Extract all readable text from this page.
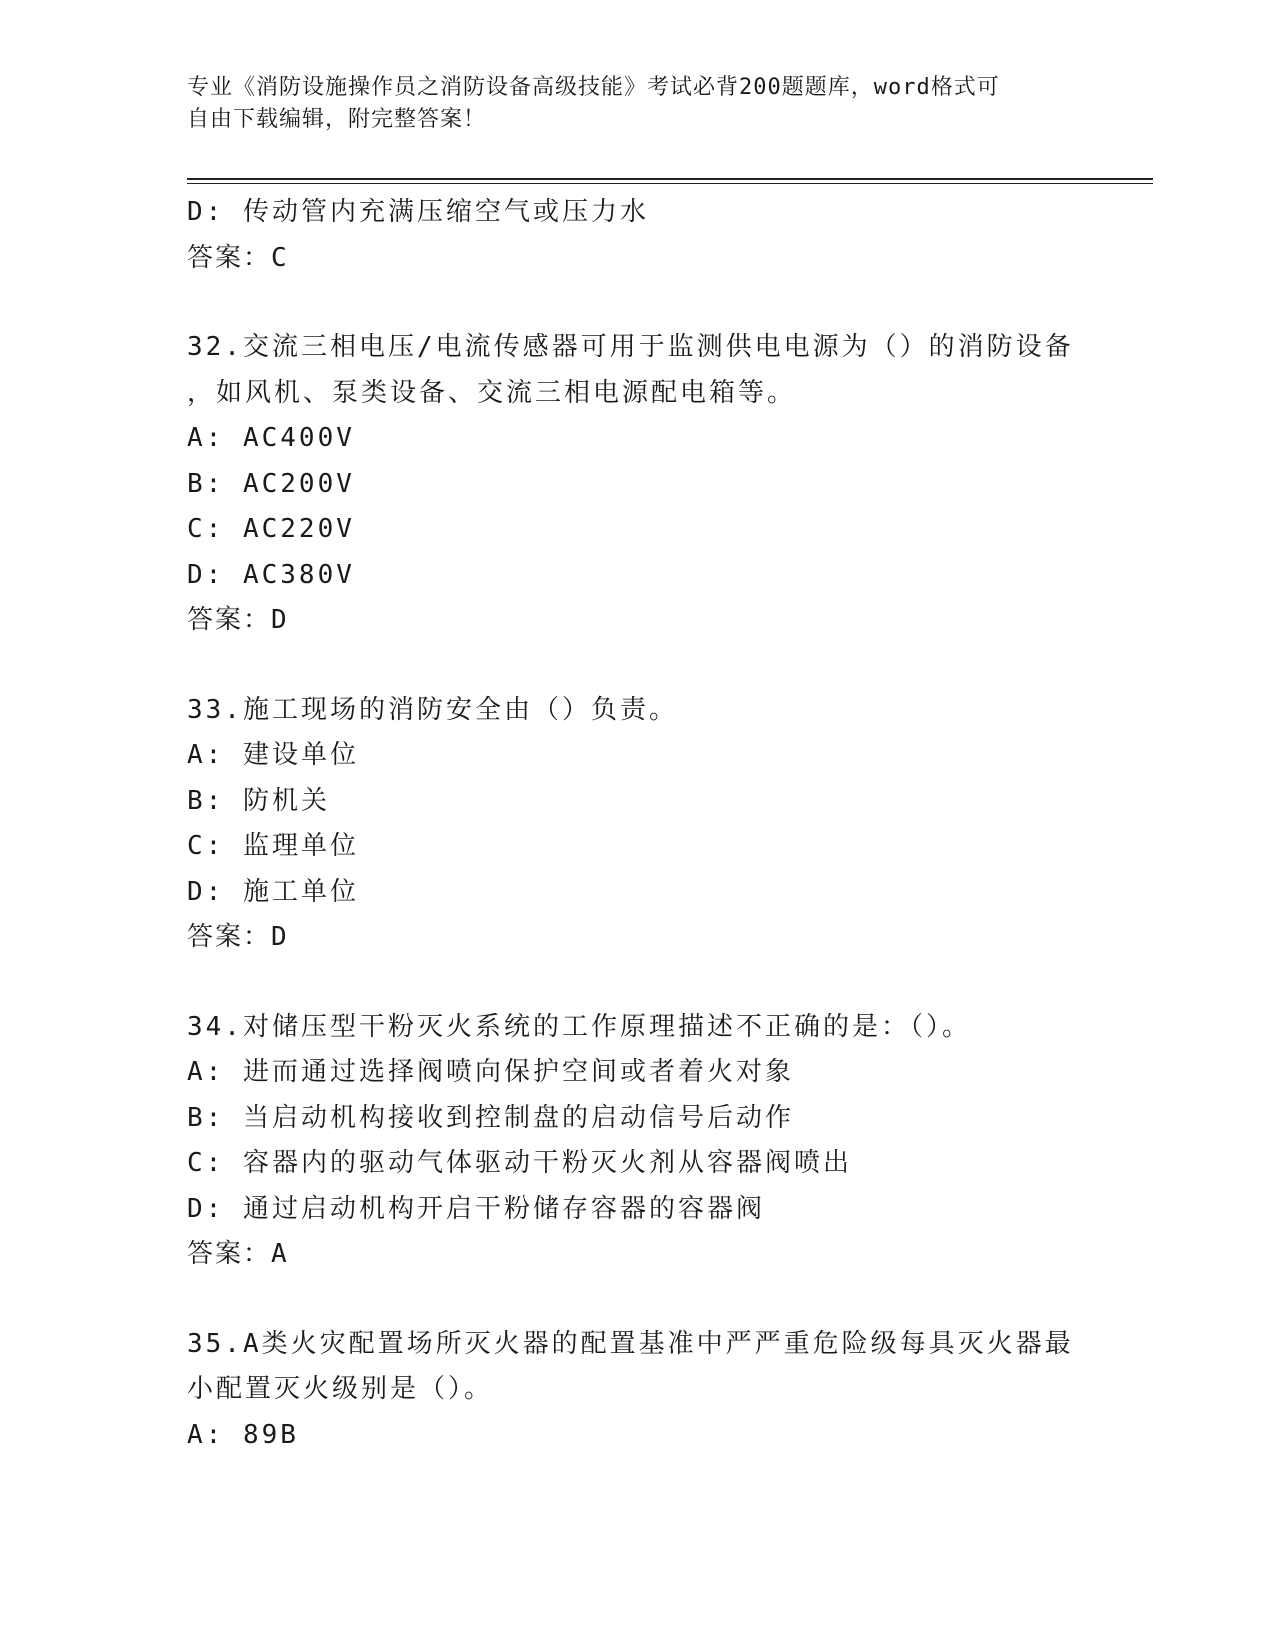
专业《消防设施操作员之消防设备高级技能》考试必背200题题库，word格式可
自由下载编辑，附完整答案！
D: 传动管内充满压缩空气或压力水
答案：C
32.交流三相电压/电流传感器可用于监测供电电源为（）的消防设备
，如风机、泵类设备、交流三相电源配电箱等。
A: AC400V
B: AC200V
C: AC220V
D: AC380V
答案：D
33.施工现场的消防安全由（）负责。
A: 建设单位
B: 防机关
C: 监理单位
D: 施工单位
答案：D
34.对储压型干粉灭火系统的工作原理描述不正确的是：（）。
A: 进而通过选择阀喷向保护空间或者着火对象
B: 当启动机构接收到控制盘的启动信号后动作
C: 容器内的驱动气体驱动干粉灭火剂从容器阀喷出
D: 通过启动机构开启干粉储存容器的容器阀
答案：A
35.A类火灾配置场所灭火器的配置基准中严严重危险级每具灭火器最
小配置灭火级别是（）。
A: 89B
